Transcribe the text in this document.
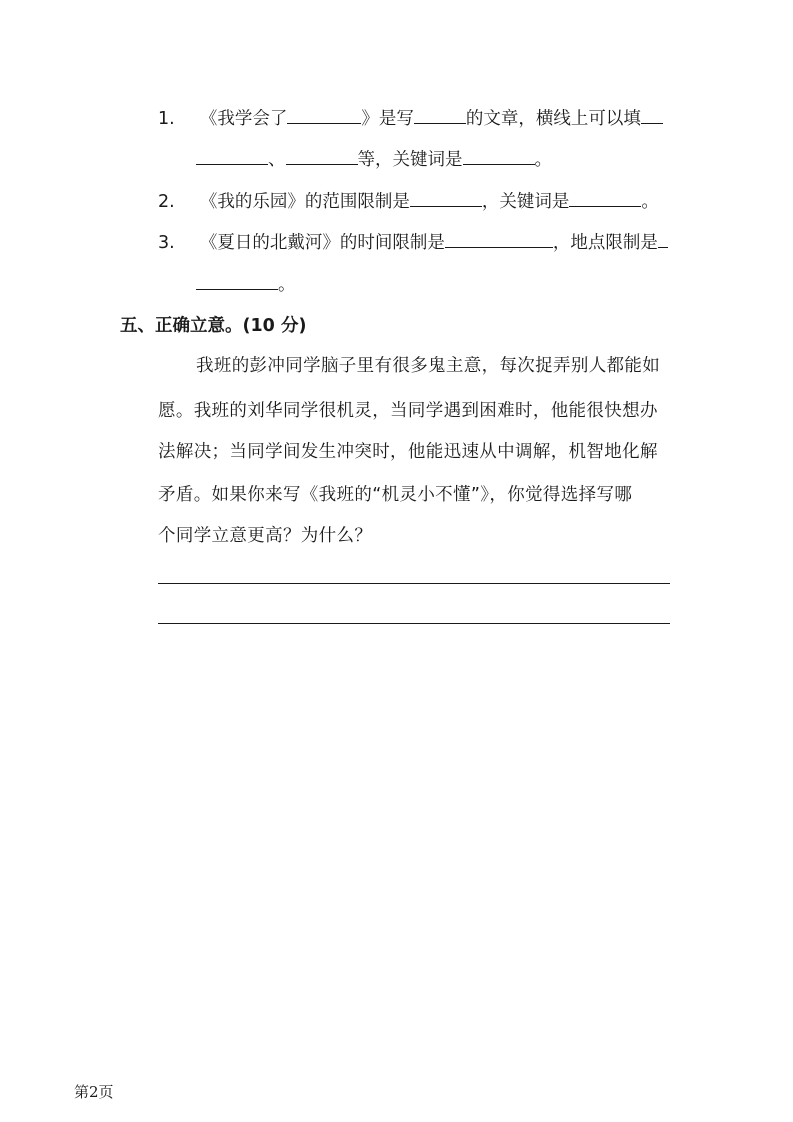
1. 《我学会了	》是写	的文章，横线上可以填
、	等，关键词是	。
2. 《我的乐园》的范围限制是	，关键词是	。
3. 《夏日的北戴河》的时间限制是	，地点限制是
。
五、正确立意。(10 分)
我班的彭冲同学脑子里有很多鬼主意，每次捉弄别人都能如
愿。我班的刘华同学很机灵，当同学遇到困难时，他能很快想办
法解决；当同学间发生冲突时，他能迅速从中调解，机智地化解
矛盾。如果你来写《我班的“机灵小不懂”》，你觉得选择写哪
个同学立意更高？为什么？
第2页
